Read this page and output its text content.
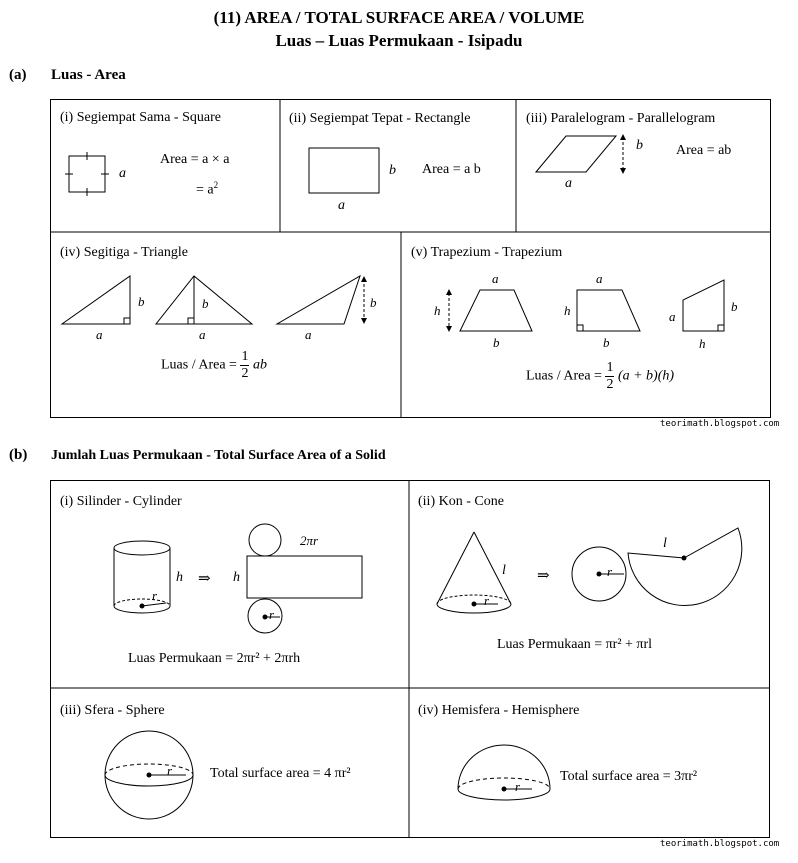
(11) AREA / TOTAL SURFACE AREA / VOLUME
Luas – Luas Permukaan - Isipadu
(a) Luas - Area
(i) Segiempat Sama - Square
a
Area = a × a
= $a^2$
(ii) Segiempat Tepat - Rectangle
a
b Area = a b
(iii) Paralelogram - Parallelogram
a
b Area = ab
(iv) Segitiga - Triangle
a
b
a
b
a
b
Luas / Area = $\frac{1}{2}$ ab
(v) Trapezium - Trapezium
a
b
h
a
b
h	a
b
h
Luas / Area = $\frac{1}{2} (a + b)(h)$
teorimath.blogspot.com
(b) Jumlah Luas Permukaan - Total Surface Area of a Solid
(i) Silinder - Cylinder
r
h ⇒ h
2πr
r
Luas Permukaan = 2πr² + 2πrh
(ii) Kon - Cone
l
r
⇒	r
l
Luas Permukaan = πr² + πrl
(iii) Sfera - Sphere
r	Total surface area = 4 πr²
(iv) Hemisfera - Hemisphere
r
Total surface area = 3πr²
teorimath.blogspot.com
